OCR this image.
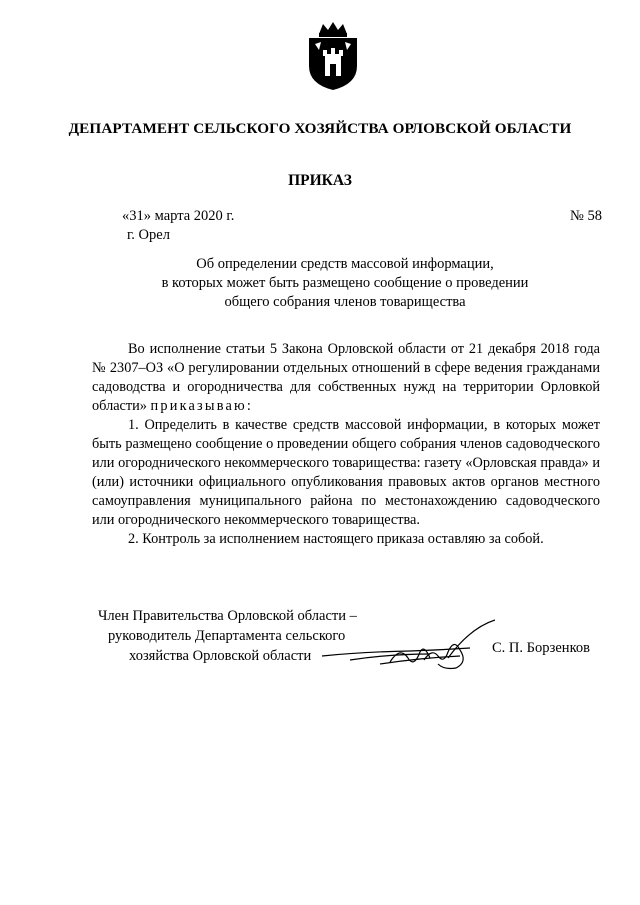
ДЕПАРТАМЕНТ СЕЛЬСКОГО ХОЗЯЙСТВА ОРЛОВСКОЙ ОБЛАСТИ
ПРИКАЗ
«31» марта 2020 г.
г. Орел
№ 58
Об определении средств массовой информации,
в которых может быть размещено сообщение о проведении
общего собрания членов товарищества

Во исполнение статьи 5 Закона Орловской области от 21 декабря 2018 года № 2307–ОЗ «О регулировании отдельных отношений в сфере ведения гражданами садоводства и огородничества для собственных нужд на территории Орловкой области» приказываю:

1. Определить в качестве средств массовой информации, в которых может быть размещено сообщение о проведении общего собрания членов садоводческого или огороднического некоммерческого товарищества: газету «Орловская правда» и (или) источники официального опубликования правовых актов органов местного самоуправления муниципального района по местонахождению садоводческого или огороднического некоммерческого товарищества.

2. Контроль за исполнением настоящего приказа оставляю за собой.

Член Правительства Орловской области –
руководитель Департамента сельского
хозяйства Орловской области	С. П. Борзенков
